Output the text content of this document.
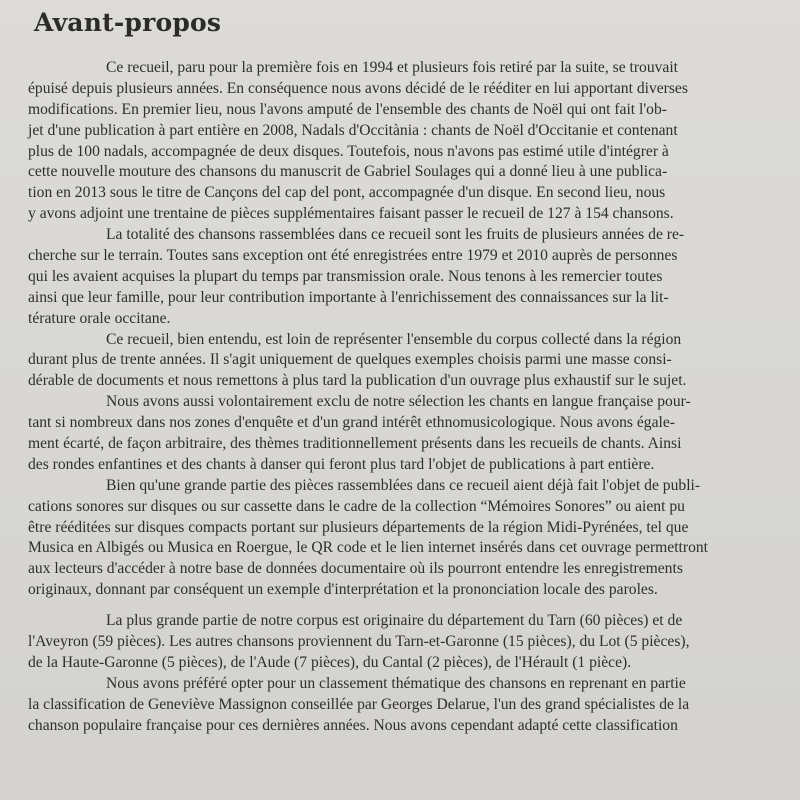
Avant-propos

Ce recueil, paru pour la première fois en 1994 et plusieurs fois retiré par la suite, se trouvait
épuisé depuis plusieurs années. En conséquence nous avons décidé de le rééditer en lui apportant diverses
modifications. En premier lieu, nous l'avons amputé de l'ensemble des chants de Noël qui ont fait l'ob-
jet d'une publication à part entière en 2008, Nadals d'Occitània : chants de Noël d'Occitanie et contenant
plus de 100 nadals, accompagnée de deux disques. Toutefois, nous n'avons pas estimé utile d'intégrer à
cette nouvelle mouture des chansons du manuscrit de Gabriel Soulages qui a donné lieu à une publica-
tion en 2013 sous le titre de Cançons del cap del pont, accompagnée d'un disque. En second lieu, nous
y avons adjoint une trentaine de pièces supplémentaires faisant passer le recueil de 127 à 154 chansons.

La totalité des chansons rassemblées dans ce recueil sont les fruits de plusieurs années de re-
cherche sur le terrain. Toutes sans exception ont été enregistrées entre 1979 et 2010 auprès de personnes
qui les avaient acquises la plupart du temps par transmission orale. Nous tenons à les remercier toutes
ainsi que leur famille, pour leur contribution importante à l'enrichissement des connaissances sur la lit-
térature orale occitane.

Ce recueil, bien entendu, est loin de représenter l'ensemble du corpus collecté dans la région
durant plus de trente années. Il s'agit uniquement de quelques exemples choisis parmi une masse consi-
dérable de documents et nous remettons à plus tard la publication d'un ouvrage plus exhaustif sur le sujet.

Nous avons aussi volontairement exclu de notre sélection les chants en langue française pour-
tant si nombreux dans nos zones d'enquête et d'un grand intérêt ethnomusicologique. Nous avons égale-
ment écarté, de façon arbitraire, des thèmes traditionnellement présents dans les recueils de chants. Ainsi
des rondes enfantines et des chants à danser qui feront plus tard l'objet de publications à part entière.

Bien qu'une grande partie des pièces rassemblées dans ce recueil aient déjà fait l'objet de publi-
cations sonores sur disques ou sur cassette dans le cadre de la collection “Mémoires Sonores” ou aient pu
être rééditées sur disques compacts portant sur plusieurs départements de la région Midi-Pyrénées, tel que
Musica en Albigés ou Musica en Roergue, le QR code et le lien internet insérés dans cet ouvrage permettront
aux lecteurs d'accéder à notre base de données documentaire où ils pourront entendre les enregistrements
originaux, donnant par conséquent un exemple d'interprétation et la prononciation locale des paroles.

La plus grande partie de notre corpus est originaire du département du Tarn (60 pièces) et de
l'Aveyron (59 pièces). Les autres chansons proviennent du Tarn-et-Garonne (15 pièces), du Lot (5 pièces),
de la Haute-Garonne (5 pièces), de l'Aude (7 pièces), du Cantal (2 pièces), de l'Hérault (1 pièce).

Nous avons préféré opter pour un classement thématique des chansons en reprenant en partie
la classification de Geneviève Massignon conseillée par Georges Delarue, l'un des grand spécialistes de la
chanson populaire française pour ces dernières années. Nous avons cependant adapté cette classification
